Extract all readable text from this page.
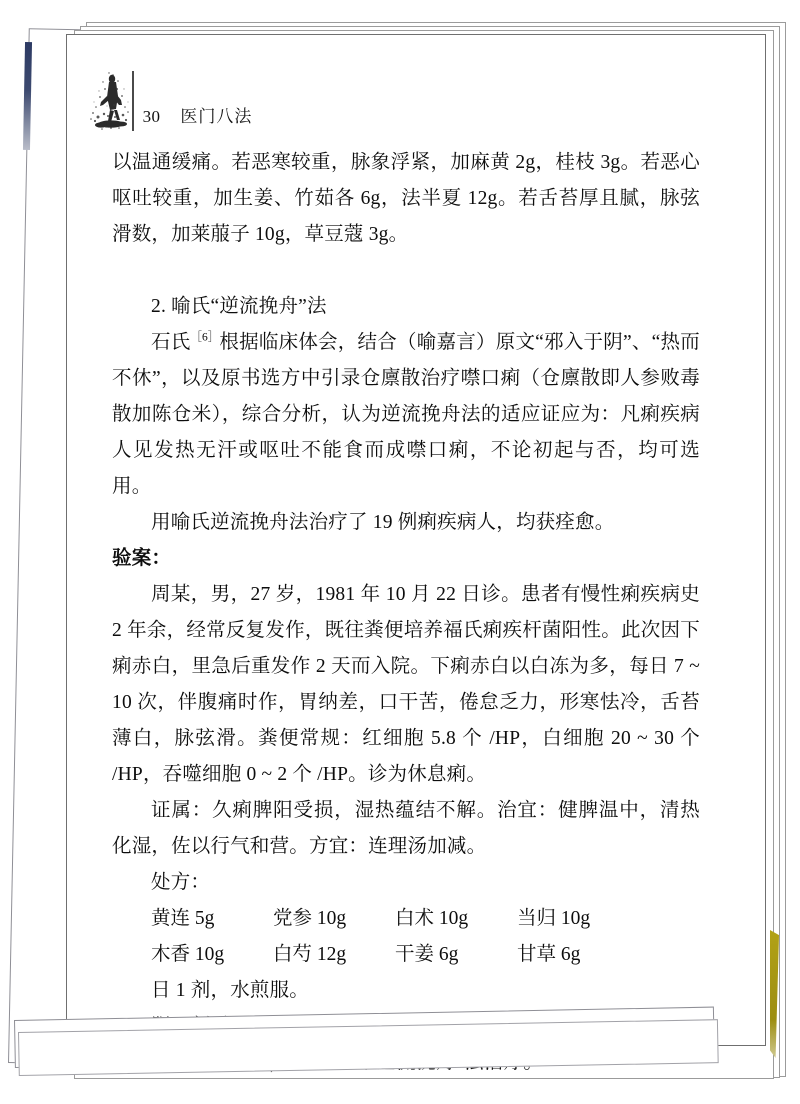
30 医门八法

以温通缓痛。若恶寒较重，脉象浮紧，加麻黄 2g，桂枝 3g。若恶心呕吐较重，加生姜、竹茹各 6g，法半夏 12g。若舌苔厚且腻，脉弦滑数，加莱菔子 10g，草豆蔻 3g。

2. 喻氏“逆流挽舟”法

石氏$^{[6]}$根据临床体会，结合（喻嘉言）原文“邪入于阴”、“热而不休”，以及原书选方中引录仓廪散治疗噤口痢（仓廪散即人参败毒散加陈仓米），综合分析，认为逆流挽舟法的适应证应为：凡痢疾病人见发热无汗或呕吐不能食而成噤口痢，不论初起与否，均可选用。

用喻氏逆流挽舟法治疗了 19 例痢疾病人，均获痊愈。

验案：

周某，男，27 岁，1981 年 10 月 22 日诊。患者有慢性痢疾病史 2 年余，经常反复发作，既往粪便培养福氏痢疾杆菌阳性。此次因下痢赤白，里急后重发作 2 天而入院。下痢赤白以白冻为多，每日 7 ~ 10 次，伴腹痛时作，胃纳差，口干苦，倦怠乏力，形寒怯冷，舌苔薄白，脉弦滑。粪便常规：红细胞 5.8 个 /HP，白细胞 20 ~ 30 个 /HP，吞噬细胞 0 ~ 2 个 /HP。诊为休息痢。

证属：久痢脾阳受损，湿热蕴结不解。治宜：健脾温中，清热化湿，佐以行气和营。方宜：连理汤加减。

处方：

黄连 5g	党参 10g	白术 10g	当归 10g
木香 10g	白芍 12g	干姜 6g	甘草 6g

日 1 剂，水煎服。
